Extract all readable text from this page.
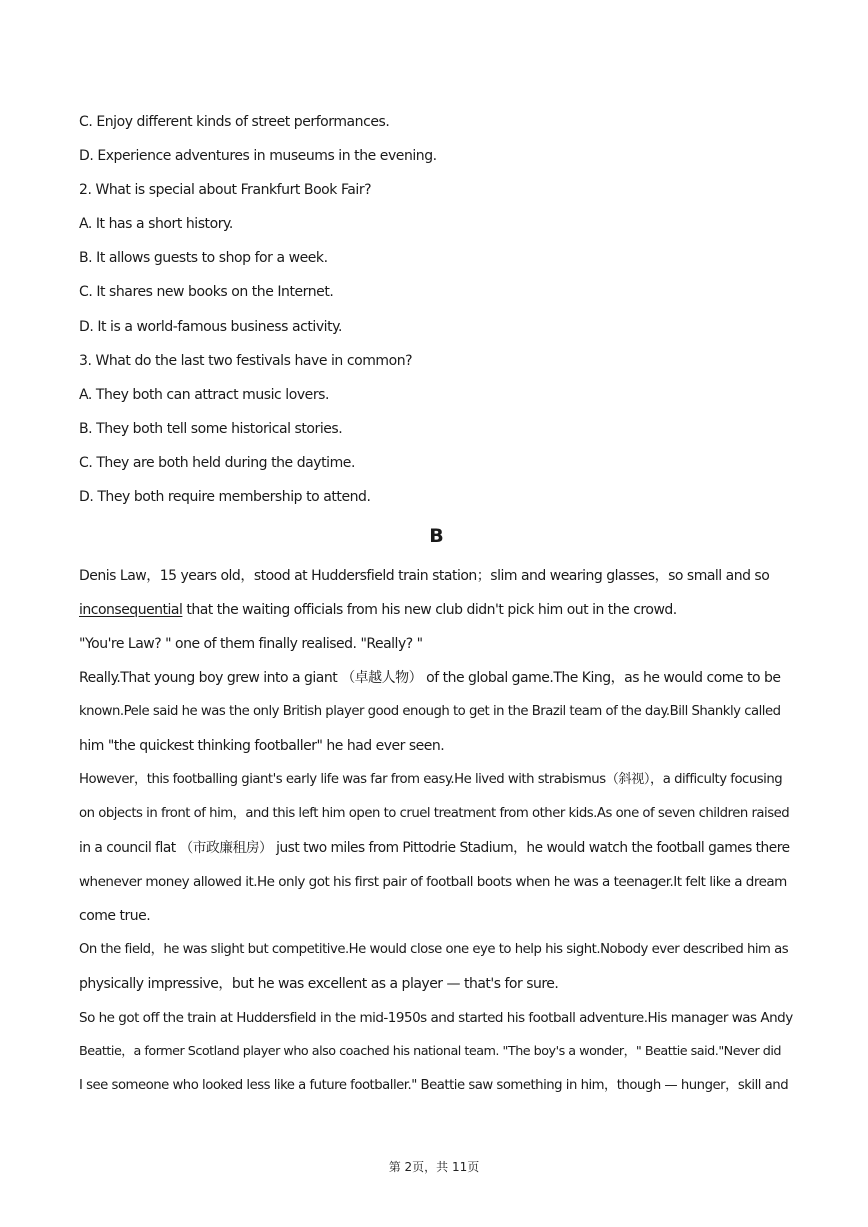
C. Enjoy different kinds of street performances.
D. Experience adventures in museums in the evening.
2. What is special about Frankfurt Book Fair?
A. It has a short history.
B. It allows guests to shop for a week.
C. It shares new books on the Internet.
D. It is a world-famous business activity.
3. What do the last two festivals have in common?
A. They both can attract music lovers.
B. They both tell some historical stories.
C. They are both held during the daytime.
D. They both require membership to attend.
B
Denis Law，15 years old，stood at Huddersfield train station；slim and wearing glasses，so small and so
inconsequential that the waiting officials from his new club didn't pick him out in the crowd.
"You're Law? " one of them finally realised. "Really? "
Really.That young boy grew into a giant （卓越人物） of the global game.The King，as he would come to be
known.Pele said he was the only British player good enough to get in the Brazil team of the day.Bill Shankly called
him "the quickest thinking footballer" he had ever seen.
However，this footballing giant's early life was far from easy.He lived with strabismus（斜视），a difficulty focusing
on objects in front of him，and this left him open to cruel treatment from other kids.As one of seven children raised
in a council flat （市政廉租房） just two miles from Pittodrie Stadium，he would watch the football games there
whenever money allowed it.He only got his first pair of football boots when he was a teenager.It felt like a dream
come true.
On the field，he was slight but competitive.He would close one eye to help his sight.Nobody ever described him as
physically impressive，but he was excellent as a player — that's for sure.
So he got off the train at Huddersfield in the mid-1950s and started his football adventure.His manager was Andy
Beattie，a former Scotland player who also coached his national team. "The boy's a wonder，" Beattie said."Never did
I see someone who looked less like a future footballer." Beattie saw something in him，though — hunger，skill and
第 2页，共 11页
